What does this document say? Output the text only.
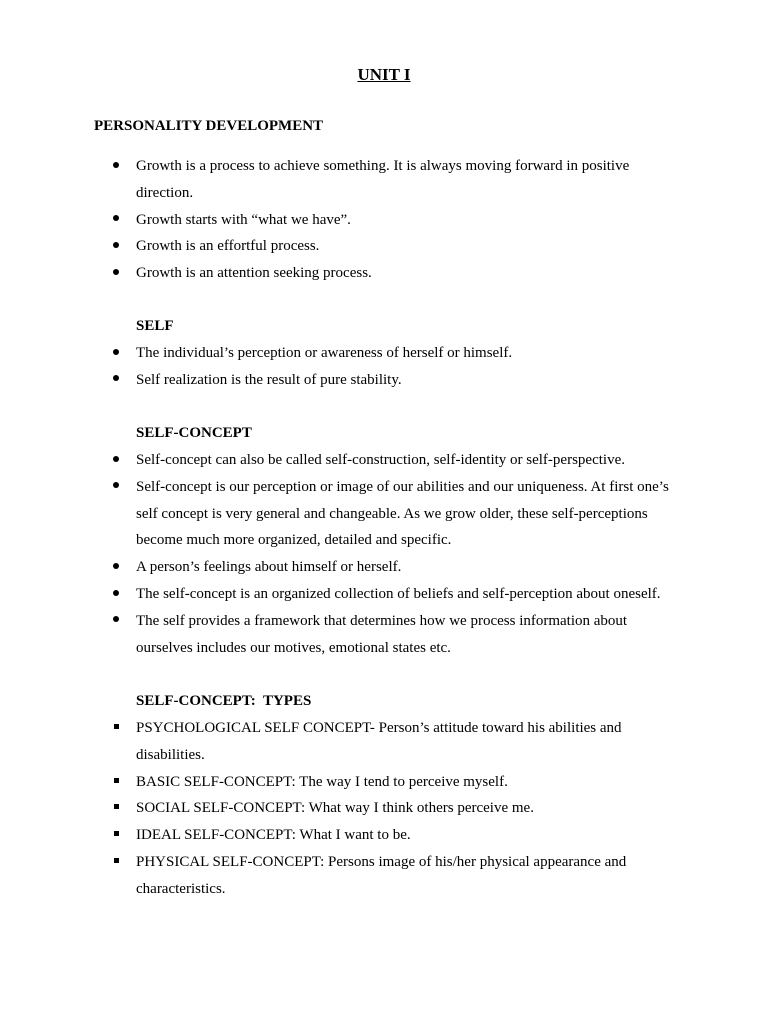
UNIT I
PERSONALITY DEVELOPMENT
Growth is a process to achieve something. It is always moving forward in positive direction.
Growth starts with “what we have”.
Growth is an effortful process.
Growth is an attention seeking process.
SELF
The individual’s perception or awareness of herself or himself.
Self realization is the result of pure stability.
SELF-CONCEPT
Self-concept can also be called self-construction, self-identity or self-perspective.
Self-concept is our perception or image of our abilities and our uniqueness. At first one’s self concept is very general and changeable. As we grow older, these self-perceptions become much more organized, detailed and specific.
A person’s feelings about himself or herself.
The self-concept is an organized collection of beliefs and self-perception about oneself.
The self provides a framework that determines how we process information about ourselves includes our motives, emotional states etc.
SELF-CONCEPT:  TYPES
PSYCHOLOGICAL SELF CONCEPT- Person’s attitude toward his abilities and disabilities.
BASIC SELF-CONCEPT: The way I tend to perceive myself.
SOCIAL SELF-CONCEPT: What way I think others perceive me.
IDEAL SELF-CONCEPT: What I want to be.
PHYSICAL SELF-CONCEPT: Persons image of his/her physical appearance and characteristics.
